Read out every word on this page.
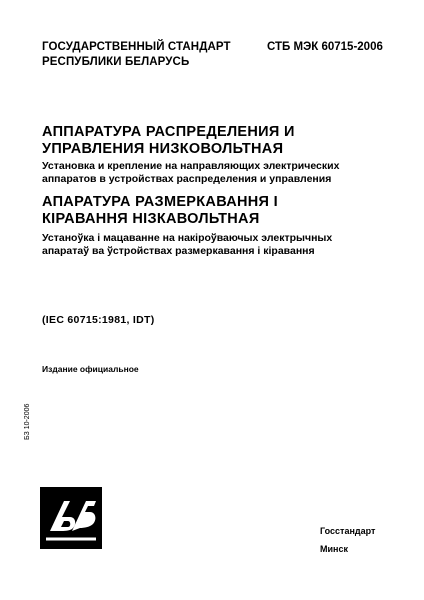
ГОСУДАРСТВЕННЫЙ СТАНДАРТ
РЕСПУБЛИКИ БЕЛАРУСЬ
СТБ МЭК 60715-2006
АППАРАТУРА РАСПРЕДЕЛЕНИЯ И
УПРАВЛЕНИЯ НИЗКОВОЛЬТНАЯ
Установка и крепление на направляющих электрических
аппаратов в устройствах распределения и управления
АПАРАТУРА РАЗМЕРКАВАННЯ І
КІРАВАННЯ НІЗКАВОЛЬТНАЯ
Устаноўка і мацаванне на накіроўваючых электрычных
апаратаў ва ўстройствах размеркавання і кіравання
(IEC 60715:1981, IDT)
Издание официальное
БЗ 10-2006
Госстандарт
Минск
